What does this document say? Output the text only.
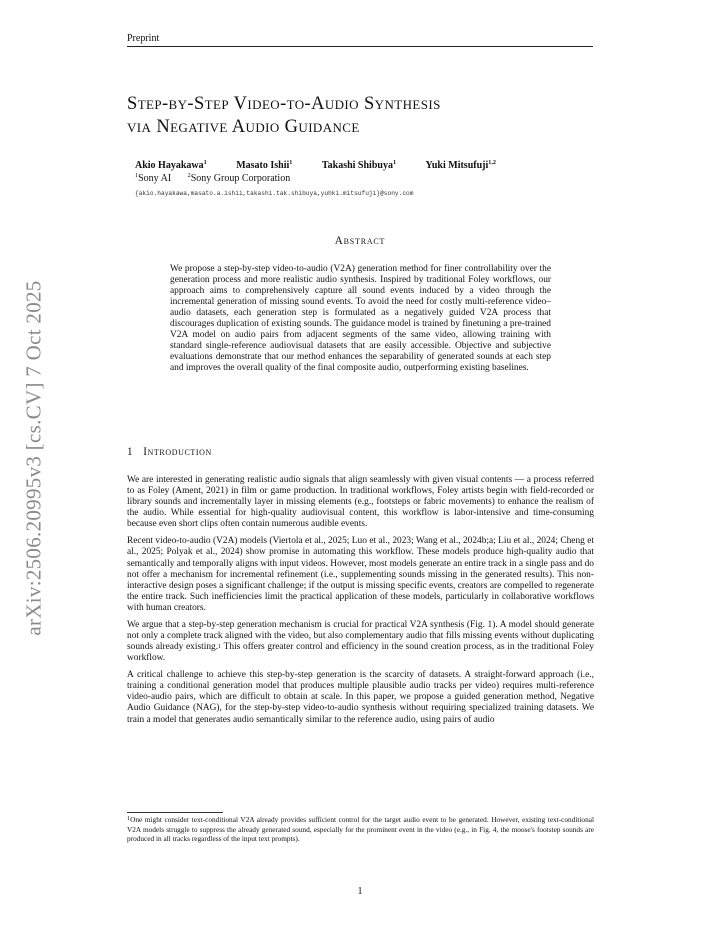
Preprint
arXiv:2506.20995v3 [cs.CV] 7 Oct 2025
Step-by-Step Video-to-Audio Synthesis
via Negative Audio Guidance
Akio Hayakawa$^1$	Masato Ishii$^1$	Takashi Shibuya$^1$	Yuki Mitsufuji$^{1,2}$
$^1$Sony AI	$^2$Sony Group Corporation
{akio.hayakawa,masato.a.ishii,takashi.tak.shibuya,yuhki.mitsufuji}@sony.com
Abstract
We propose a step-by-step video-to-audio (V2A) generation method for finer controllability over the generation process and more realistic audio synthesis. Inspired by traditional Foley workflows, our approach aims to comprehensively capture all sound events induced by a video through the incremental generation of missing sound events. To avoid the need for costly multi-reference video–audio datasets, each generation step is formulated as a negatively guided V2A process that discourages duplication of existing sounds. The guidance model is trained by finetuning a pre-trained V2A model on audio pairs from adjacent segments of the same video, allowing training with standard single-reference audiovisual datasets that are easily accessible. Objective and subjective evaluations demonstrate that our method enhances the separability of generated sounds at each step and improves the overall quality of the final composite audio, outperforming existing baselines.
1 Introduction

We are interested in generating realistic audio signals that align seamlessly with given visual contents — a process referred to as Foley (Ament, 2021) in film or game production. In traditional workflows, Foley artists begin with field-recorded or library sounds and incrementally layer in missing elements (e.g., footsteps or fabric movements) to enhance the realism of the audio. While essential for high-quality audiovisual content, this workflow is labor-intensive and time-consuming because even short clips often contain numerous audible events.

Recent video-to-audio (V2A) models (Viertola et al., 2025; Luo et al., 2023; Wang et al., 2024b;a; Liu et al., 2024; Cheng et al., 2025; Polyak et al., 2024) show promise in automating this workflow. These models produce high-quality audio that semantically and temporally aligns with input videos. However, most models generate an entire track in a single pass and do not offer a mechanism for incremental refinement (i.e., supplementing sounds missing in the generated results). This non-interactive design poses a significant challenge; if the output is missing specific events, creators are compelled to regenerate the entire track. Such inefficiencies limit the practical application of these models, particularly in collaborative workflows with human creators.

We argue that a step-by-step generation mechanism is crucial for practical V2A synthesis (Fig. 1). A model should generate not only a complete track aligned with the video, but also complementary audio that fills missing events without duplicating sounds already existing.$^1$ This offers greater control and efficiency in the sound creation process, as in the traditional Foley workflow.

A critical challenge to achieve this step-by-step generation is the scarcity of datasets. A straight-forward approach (i.e., training a conditional generation model that produces multiple plausible audio tracks per video) requires multi-reference video-audio pairs, which are difficult to obtain at scale. In this paper, we propose a guided generation method, Negative Audio Guidance (NAG), for the step-by-step video-to-audio synthesis without requiring specialized training datasets. We train a model that generates audio semantically similar to the reference audio, using pairs of audio

$^1$One might consider text-conditional V2A already provides sufficient control for the target audio event to be generated. However, existing text-conditional V2A models struggle to suppress the already generated sound, especially for the prominent event in the video (e.g., in Fig. 4, the moose's footstep sounds are produced in all tracks regardless of the input text prompts).
1
